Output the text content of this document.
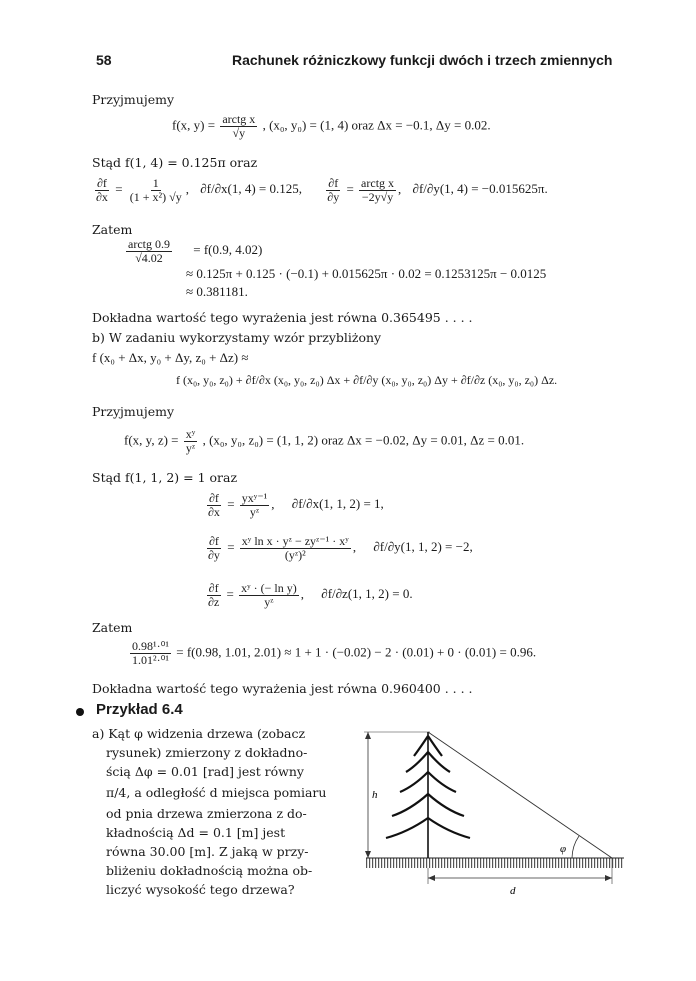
58	Rachunek różniczkowy funkcji dwóch i trzech zmiennych
Przyjmujemy
f(x, $y) = \frac{\text{arctg x}}{√y}$ , (x₀, y₀) = (1, 4) oraz Δx = −0.1, Δy = 0.02.
Stąd f(1, 4) = 0.125π oraz
$\frac{\partial f}{\partial x} = \frac{1}{\text{(1 + x²) √y}}$ , ∂f/∂x(1, 4) = 0.125, $\frac{\partial f}{\partial y} = \frac{\text{arctg x}}{-2y√y}$ , ∂f/∂y(1, 4) = −0.015625π.
Zatem
$\frac{\text{arctg 0.9}}{√4.02} = f(0.9$, 4.02)
≈ 0.125π + 0.125 · (−0.1) + 0.015625π · 0.02 = 0.1253125π − 0.0125
≈ 0.381181.
Dokładna wartość tego wyrażenia jest równa 0.365495 . . . .
b) W zadaniu wykorzystamy wzór przybliżony
f (x₀ + Δx, y₀ + Δy, z₀ + Δz) ≈
f (x₀, y₀, z₀) + ∂f/∂x (x₀, y₀, z₀) Δx + ∂f/∂y (x₀, y₀, z₀) Δy + ∂f/∂z (x₀, y₀, z₀) Δz.
Przyjmujemy
f(x, y, $z) = \frac{\text{xʸ}}{\text{yᶻ}}$ , (x₀, y₀, z₀) = (1, 1, 2) oraz Δx = −0.02, Δy = 0.01, Δz = 0.01.
Stąd f(1, 1, 2) = 1 oraz
$\frac{\partial f}{\partial x} = \frac{\text{yxʸ⁻¹}}{\text{yᶻ}}$ , ∂f/∂x(1, 1, 2) = 1,
$\frac{\partial f}{\partial y} = \frac{\text{xʸ ln x · yᶻ − zyᶻ⁻¹ · xʸ}}{\text{(yᶻ)²}}$ , ∂f/∂y(1, 1, 2) = −2,
$\frac{\partial f}{\partial z} = \frac{\text{xʸ · (− ln y)}}{\text{yᶻ}}$ , ∂f/∂z(1, 1, 2) = 0.
Zatem
$\frac{\text{0.98¹·⁰¹}}{\text{1.01²·⁰¹}} = f(0.98$, 1.01, 2.01) ≈ 1 + 1 · (−0.02) − 2 · (0.01) + 0 · (0.01) = 0.96.
Dokładna wartość tego wyrażenia jest równa 0.960400 . . . .
Przykład 6.4
a) Kąt φ widzenia drzewa (zobacz
rysunek) zmierzony z dokładno-
ścią Δφ = 0.01 [rad] jest równy
π/4, a odległość d miejsca pomiaru
od pnia drzewa zmierzona z do-
kładnością Δd = 0.1 [m] jest
równa 30.00 [m]. Z jaką w przy-
bliżeniu dokładnością można ob-
liczyć wysokość tego drzewa?
h
φ
d
